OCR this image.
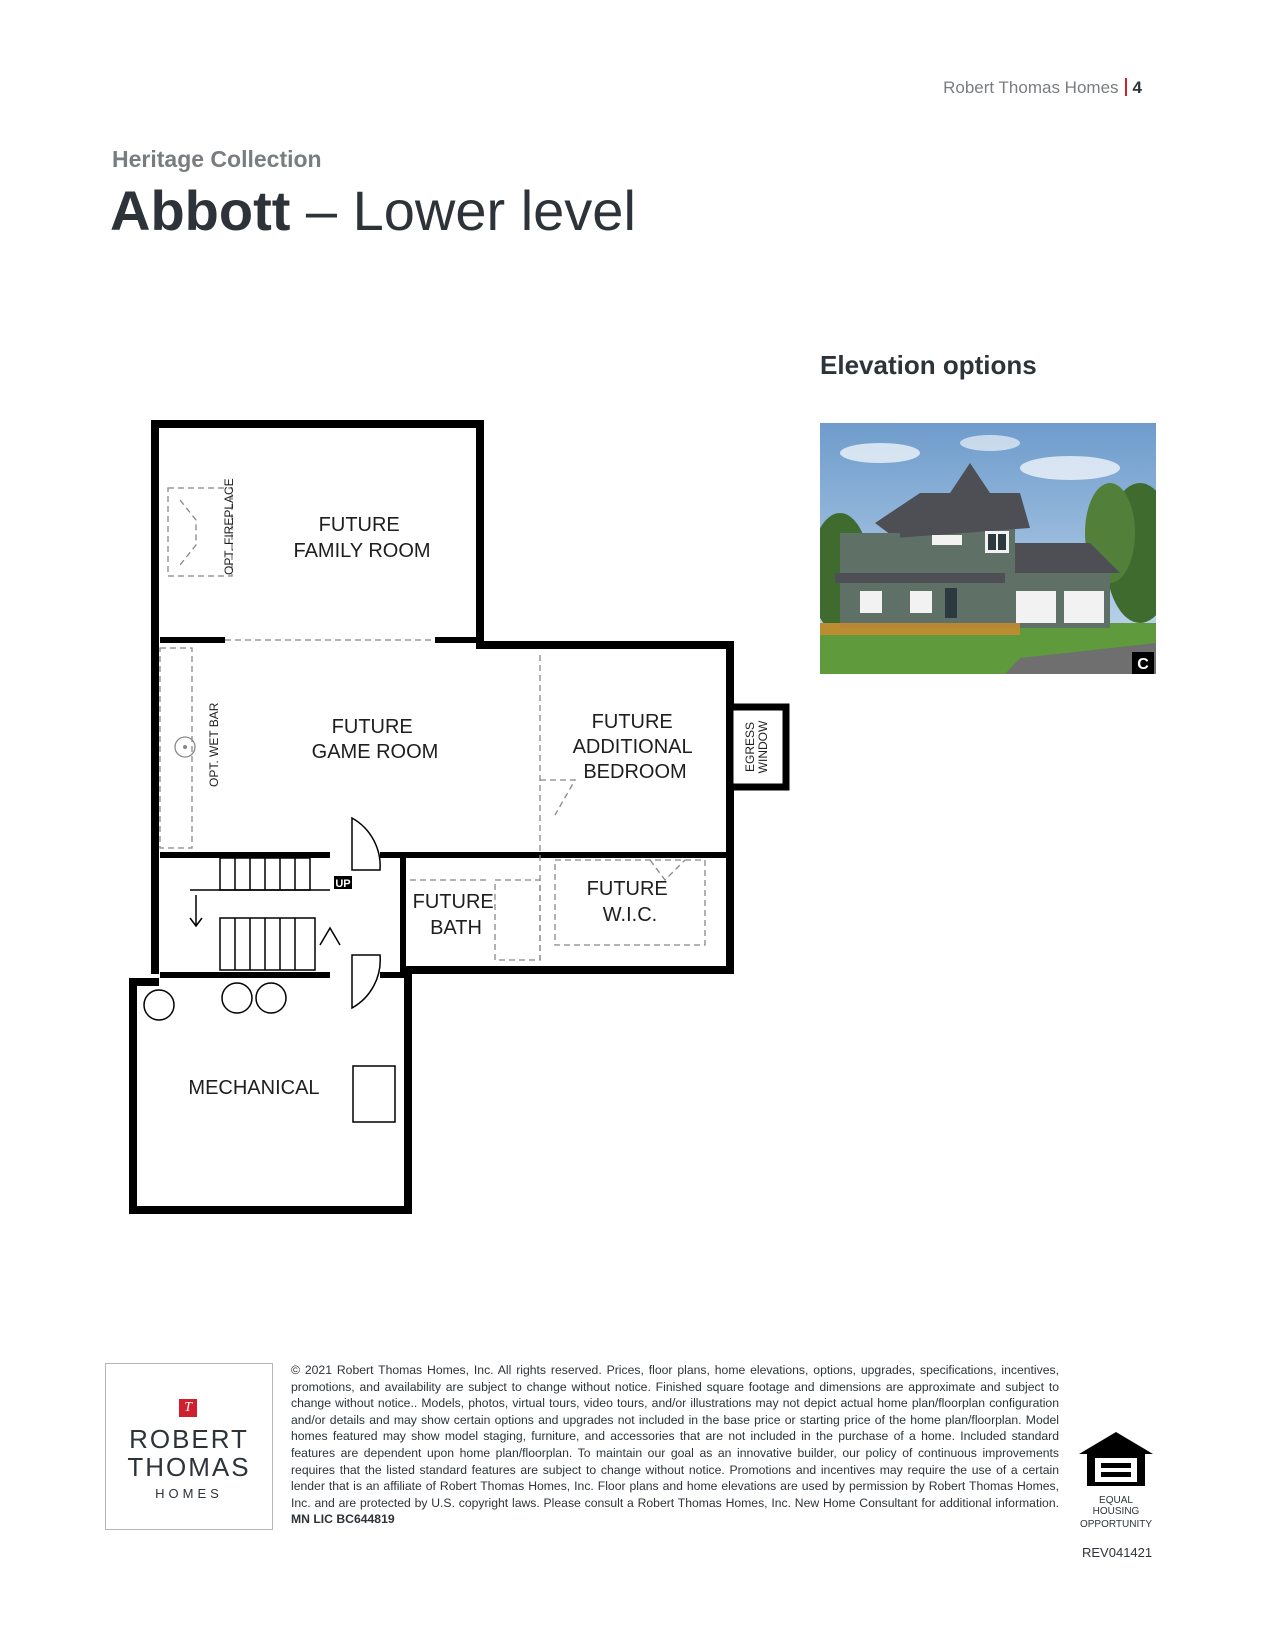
Robert Thomas Homes 4
Heritage Collection
Abbott – Lower level
Elevation options
C
UP
FUTURE FAMILY ROOM
OPT. FIREPLACE
FUTURE GAME ROOM
OPT. WET BAR	FUTURE ADDITIONAL BEDROOM	EGRESS WINDOW
FUTURE BATH
FUTURE W.I.C.
MECHANICAL
T
ROBERT
THOMAS
HOMES
© 2021 Robert Thomas Homes, Inc. All rights reserved. Prices, floor plans, home elevations, options, upgrades, specifications, incentives, promotions, and availability are subject to change without notice. Finished square footage and dimensions are approximate and subject to change without notice.. Models, photos, virtual tours, video tours, and/or illustrations may not depict actual home plan/floorplan configuration and/or details and may show certain options and upgrades not included in the base price or starting price of the home plan/floorplan. Model homes featured may show model staging, furniture, and accessories that are not included in the purchase of a home. Included standard features are dependent upon home plan/floorplan. To maintain our goal as an innovative builder, our policy of continuous improvements requires that the listed standard features are subject to change without notice. Promotions and incentives may require the use of a certain lender that is an affiliate of Robert Thomas Homes, Inc. Floor plans and home elevations are used by permission by Robert Thomas Homes, Inc. and are protected by U.S. copyright laws. Please consult a Robert Thomas Homes, Inc. New Home Consultant for additional information. MN LIC BC644819
EQUAL HOUSING
OPPORTUNITY
REV041421
